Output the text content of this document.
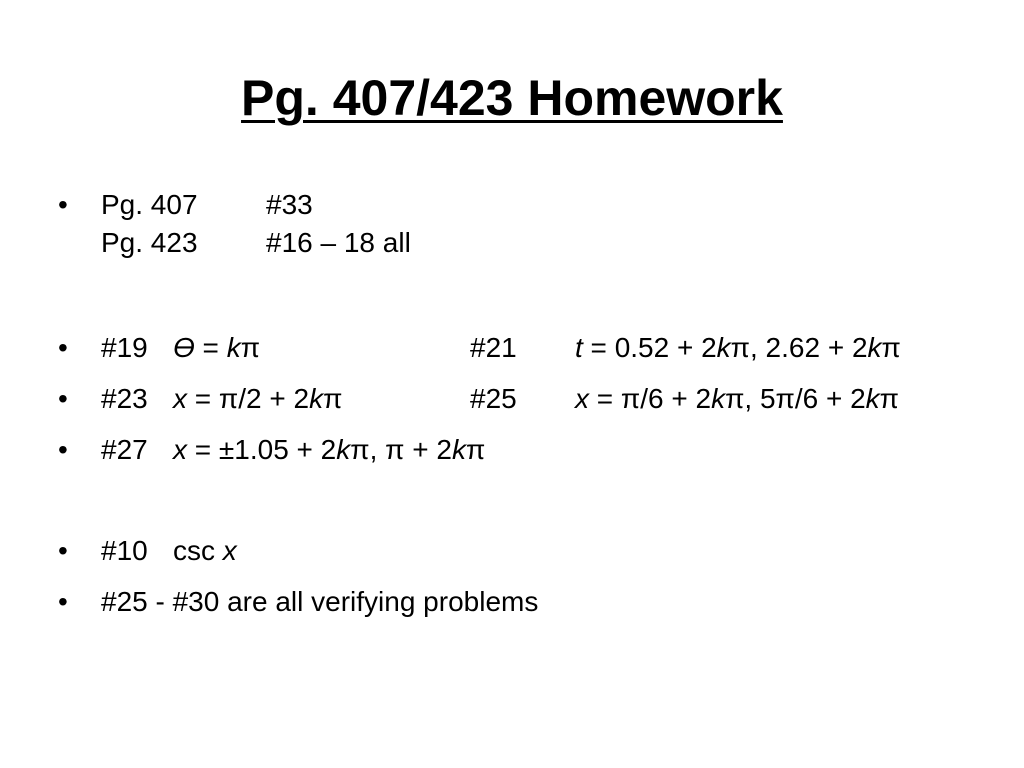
Pg. 407/423 Homework
•	Pg. 407 #33
Pg. 423 #16 – 18 all
•	#19 Ө = kπ	#21 t = 0.52 + 2kπ, 2.62 + 2kπ
•	#23 x = π/2 + 2kπ	#25 x = π/6 + 2kπ, 5π/6 + 2kπ
•	#27 x = ±1.05 + 2kπ, π + 2kπ
•	#10 csc x
•	#25 - #30 are all verifying problems
